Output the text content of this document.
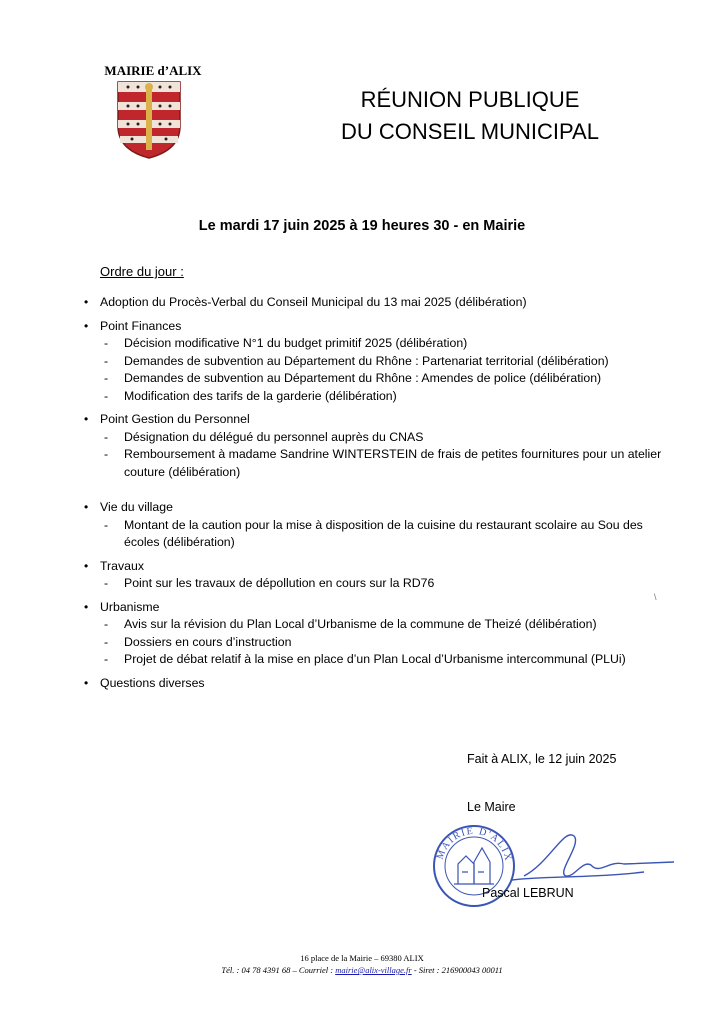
MAIRIE d’ALIX
RÉUNION PUBLIQUE
DU CONSEIL MUNICIPAL
Le mardi 17 juin 2025 à 19 heures 30 - en Mairie
Ordre du jour :
• Adoption du Procès-Verbal du Conseil Municipal du 13 mai 2025 (délibération)
• Point Finances
- Décision modificative N°1 du budget primitif 2025 (délibération)
- Demandes de subvention au Département du Rhône : Partenariat territorial (délibération)
- Demandes de subvention au Département du Rhône : Amendes de police (délibération)
- Modification des tarifs de la garderie (délibération)
• Point Gestion du Personnel
- Désignation du délégué du personnel auprès du CNAS
- Remboursement à madame Sandrine WINTERSTEIN de frais de petites fournitures pour un atelier couture (délibération)
• Vie du village
- Montant de la caution pour la mise à disposition de la cuisine du restaurant scolaire au Sou des écoles (délibération)
• Travaux
- Point sur les travaux de dépollution en cours sur la RD76
• Urbanisme
- Avis sur la révision du Plan Local d’Urbanisme de la commune de Theizé (délibération)
- Dossiers en cours d’instruction
- Projet de débat relatif à la mise en place d’un Plan Local d’Urbanisme intercommunal (PLUi)
• Questions diverses
\
Fait à ALIX, le 12 juin 2025
Le Maire
MAIRIE D'ALIX
Pascal LEBRUN
16 place de la Mairie – 69380 ALIX
Tél. : 04 78 4391 68 – Courriel : mairie@alix-village.fr - Siret : 216900043 00011
